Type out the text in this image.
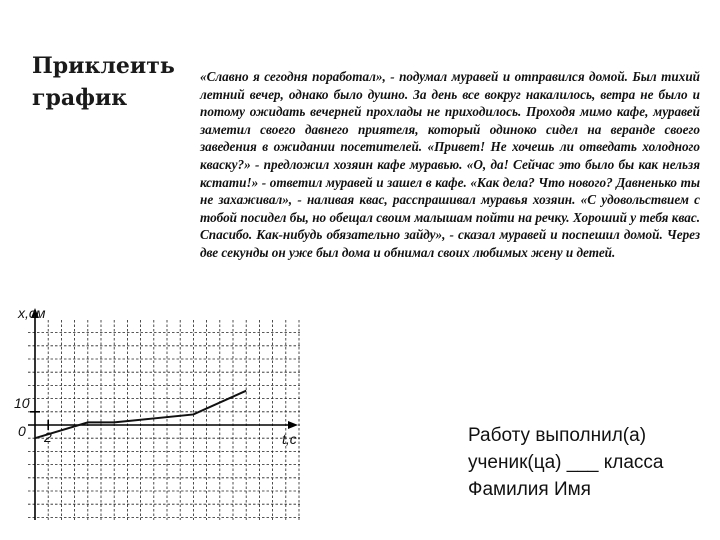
Приклеить график
«Славно я сегодня поработал», - подумал муравей и отправился домой. Был тихий летний вечер, однако было душно. За день все вокруг накалилось, ветра не было и потому ожидать вечерней прохлады не приходилось. Проходя мимо кафе, муравей заметил своего давнего приятеля, который одиноко сидел на веранде своего заведения в ожидании посетителей. «Привет! Не хочешь ли отведать холодного кваску?» - предложил хозяин кафе муравью. «О, да! Сейчас это было бы как нельзя кстати!» - ответил муравей и зашел в кафе. «Как дела? Что нового? Давненько ты не захаживал», - наливая квас, расспрашивал муравья хозяин. «С удовольствием с тобой посидел бы, но обещал своим малышам пойти на речку. Хороший у тебя квас. Спасибо. Как-нибудь обязательно зайду», - сказал муравей и поспешил домой. Через две секунды он уже был дома и обнимал своих любимых жену и детей.
Работу выполнил(а)
ученик(ца) ___ класса
Фамилия Имя
x,см
t,c
10
0 2
